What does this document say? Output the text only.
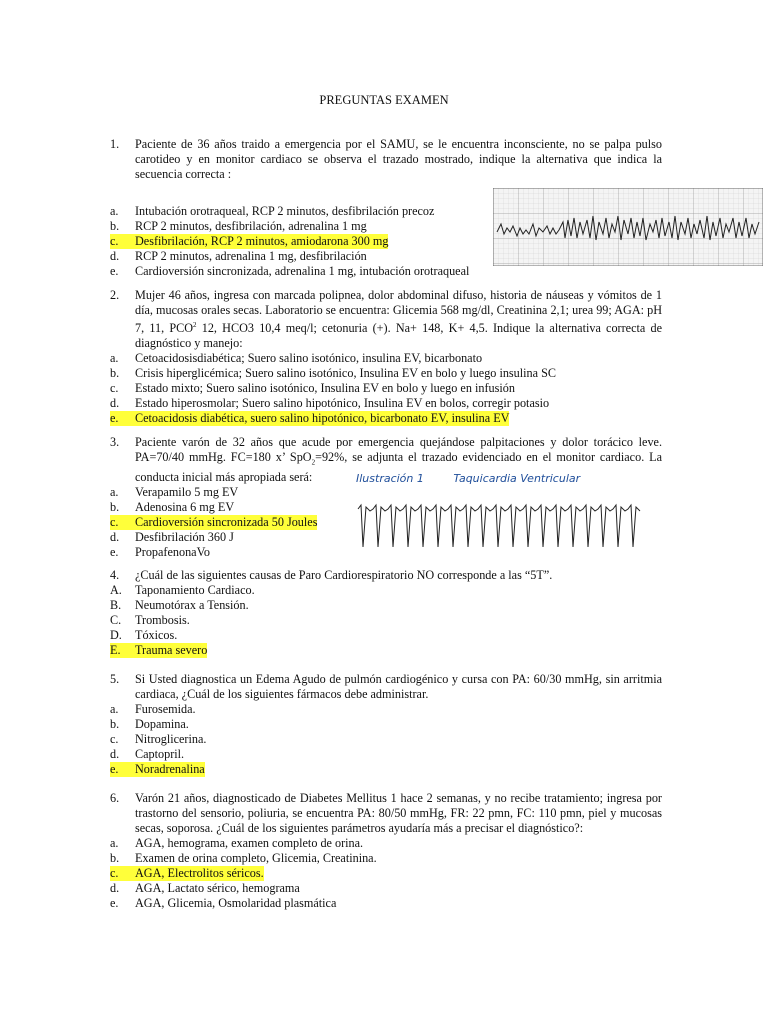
PREGUNTAS EXAMEN
1.	Paciente de 36 años traido a emergencia por el SAMU, se le encuentra inconsciente, no se palpa pulso carotideo y en monitor cardiaco se observa el trazado mostrado, indique la alternativa que indica la secuencia correcta :
a.	Intubación orotraqueal, RCP 2 minutos, desfibrilación precoz
b.	RCP 2 minutos, desfibrilación, adrenalina 1 mg
c.	Desfibrilación, RCP 2 minutos, amiodarona 300 mg
d.	RCP 2 minutos, adrenalina 1 mg, desfibrilación
e.	Cardioversión sincronizada, adrenalina 1 mg, intubación orotraqueal
2.	Mujer 46 años, ingresa con marcada polipnea, dolor abdominal difuso, historia de náuseas y vómitos de 1 día, mucosas orales secas. Laboratorio se encuentra: Glicemia 568 mg/dl, Creatinina 2,1; urea 99; AGA: pH 7, 11, PCO$^2$ 12, HCO3 10,4 meq/l; cetonuria (+). Na+ 148, K+ 4,5. Indique la alternativa correcta de diagnóstico y manejo:
a.	Cetoacidosisdiabética; Suero salino isotónico, insulina EV, bicarbonato
b.	Crisis hiperglicémica; Suero salino isotónico, Insulina EV en bolo y luego insulina SC
c.	Estado mixto; Suero salino isotónico, Insulina EV en bolo y luego en infusión
d.	Estado hiperosmolar; Suero salino hipotónico, Insulina EV en bolos, corregir potasio
e.	Cetoacidosis diabética, suero salino hipotónico, bicarbonato EV, insulina EV
3.	Paciente varón de 32 años que acude por emergencia quejándose palpitaciones y dolor torácico leve. PA=70/40 mmHg. FC=180 x’ SpO$_2$=92%, se adjunta el trazado evidenciado en el monitor cardiaco. La conducta inicial más apropiada será:
a.	Verapamilo 5 mg EV
b.	Adenosina 6 mg EV
c.	Cardioversión sincronizada 50 Joules
d.	Desfibrilación 360 J
e.	PropafenonaVo
Ilustración 1	Taquicardia Ventricular
4.	¿Cuál de las siguientes causas de Paro Cardiorespiratorio NO corresponde a las “5T”.
A.	Taponamiento Cardiaco.
B.	Neumotórax a Tensión.
C.	Trombosis.
D.	Tóxicos.
E.	Trauma severo
5.	Si Usted diagnostica un Edema Agudo de pulmón cardiogénico y cursa con PA: 60/30 mmHg, sin arritmia cardiaca, ¿Cuál de los siguientes fármacos debe administrar.
a.	Furosemida.
b.	Dopamina.
c.	Nitroglicerina.
d.	Captopril.
e.	Noradrenalina
6.	Varón 21 años, diagnosticado de Diabetes Mellitus 1 hace 2 semanas, y no recibe tratamiento; ingresa por trastorno del sensorio, poliuria, se encuentra PA: 80/50 mmHg, FR: 22 pmn, FC: 110 pmn, piel y mucosas secas, soporosa. ¿Cuál de los siguientes parámetros ayudaría más a precisar el diagnóstico?:
a.	AGA, hemograma, examen completo de orina.
b.	Examen de orina completo, Glicemia, Creatinina.
c.	AGA, Electrolitos séricos.
d.	AGA, Lactato sérico, hemograma
e.	AGA, Glicemia, Osmolaridad plasmática
